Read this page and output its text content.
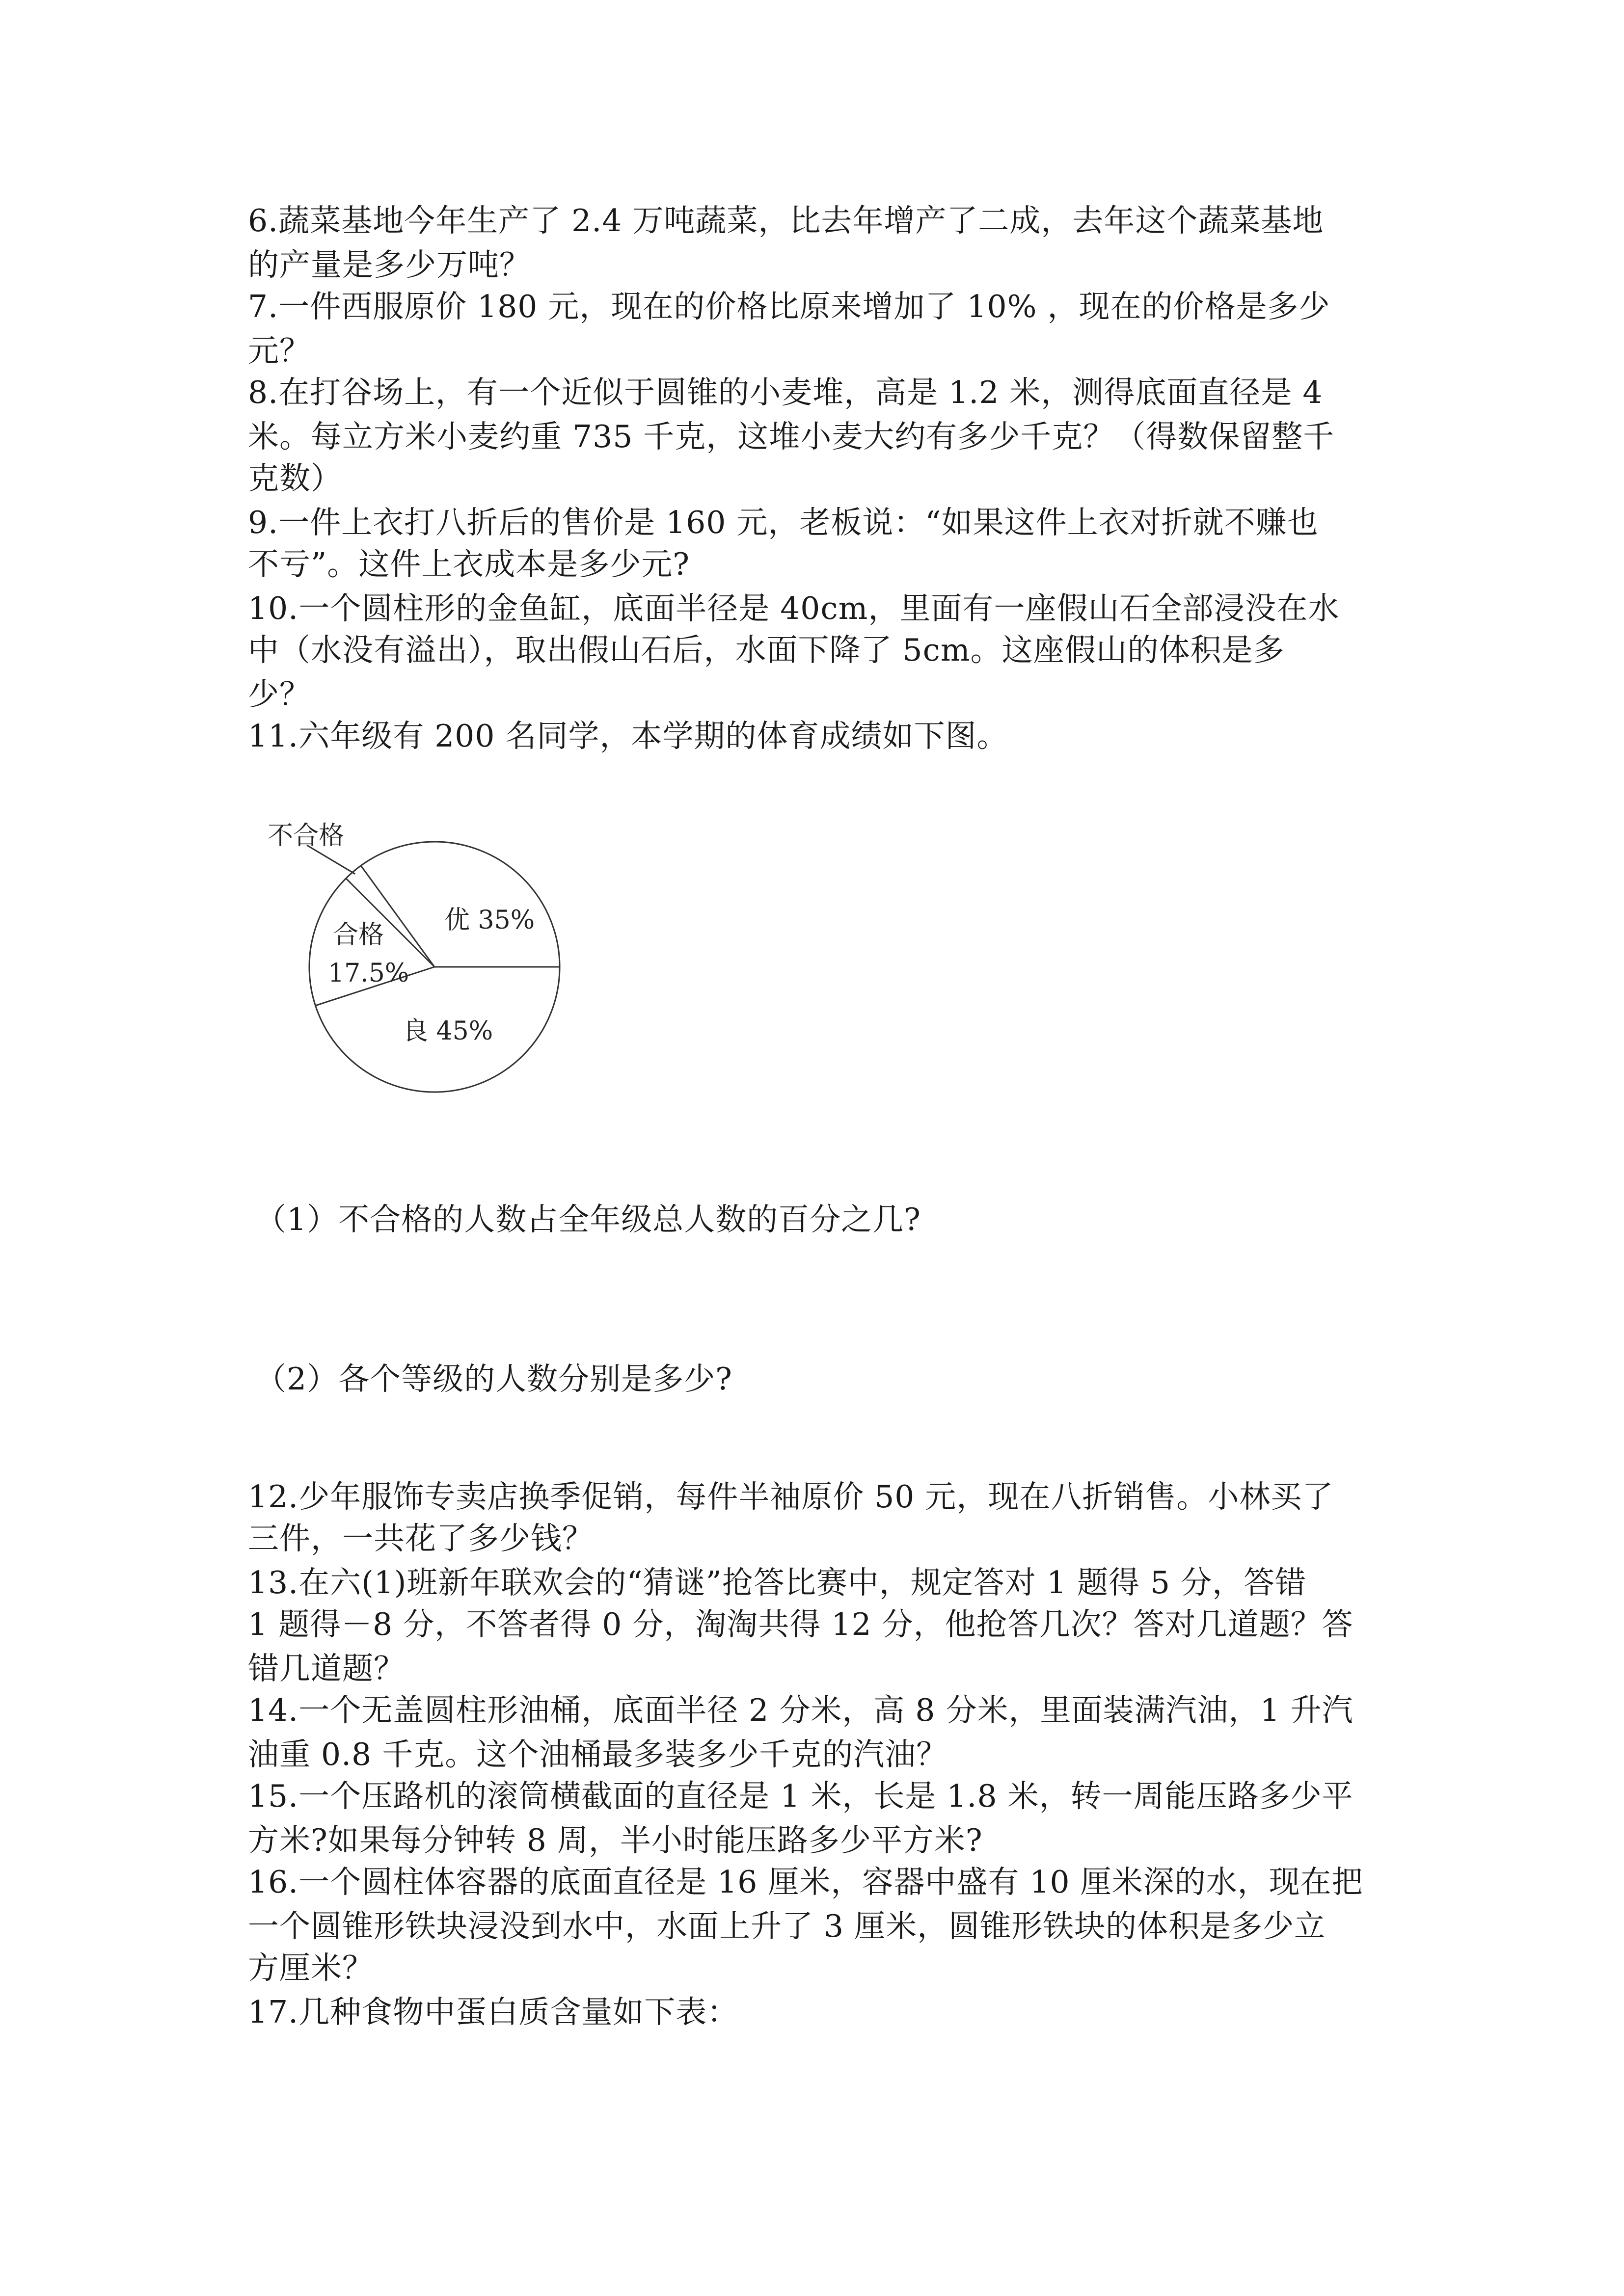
6.蔬菜基地今年生产了 2.4 万吨蔬菜，比去年增产了二成，去年这个蔬菜基地
的产量是多少万吨？
7.一件西服原价 180 元，现在的价格比原来增加了 10% ，现在的价格是多少
元？
8.在打谷场上，有一个近似于圆锥的小麦堆，高是 1.2 米，测得底面直径是 4
米。每立方米小麦约重 735 千克，这堆小麦大约有多少千克？（得数保留整千
克数）
9.一件上衣打八折后的售价是 160 元，老板说：“如果这件上衣对折就不赚也
不亏”。这件上衣成本是多少元?
10.一个圆柱形的金鱼缸，底面半径是 40cm，里面有一座假山石全部浸没在水
中（水没有溢出），取出假山石后，水面下降了 5cm。这座假山的体积是多
少？
11.六年级有 200 名同学，本学期的体育成绩如下图。
不合格
优 35%
合格
17.5%
良 45%
（1）不合格的人数占全年级总人数的百分之几?
（2）各个等级的人数分别是多少?
12.少年服饰专卖店换季促销，每件半袖原价 50 元，现在八折销售。小林买了
三件，一共花了多少钱？
13.在六(1)班新年联欢会的“猜谜”抢答比赛中，规定答对 1 题得 5 分，答错
1 题得－8 分，不答者得 0 分，淘淘共得 12 分，他抢答几次？答对几道题？答
错几道题？
14.一个无盖圆柱形油桶，底面半径 2 分米，高 8 分米，里面装满汽油，1 升汽
油重 0.8 千克。这个油桶最多装多少千克的汽油？
15.一个压路机的滚筒横截面的直径是 1 米，长是 1.8 米，转一周能压路多少平
方米?如果每分钟转 8 周，半小时能压路多少平方米?
16.一个圆柱体容器的底面直径是 16 厘米，容器中盛有 10 厘米深的水，现在把
一个圆锥形铁块浸没到水中，水面上升了 3 厘米，圆锥形铁块的体积是多少立
方厘米？
17.几种食物中蛋白质含量如下表：
